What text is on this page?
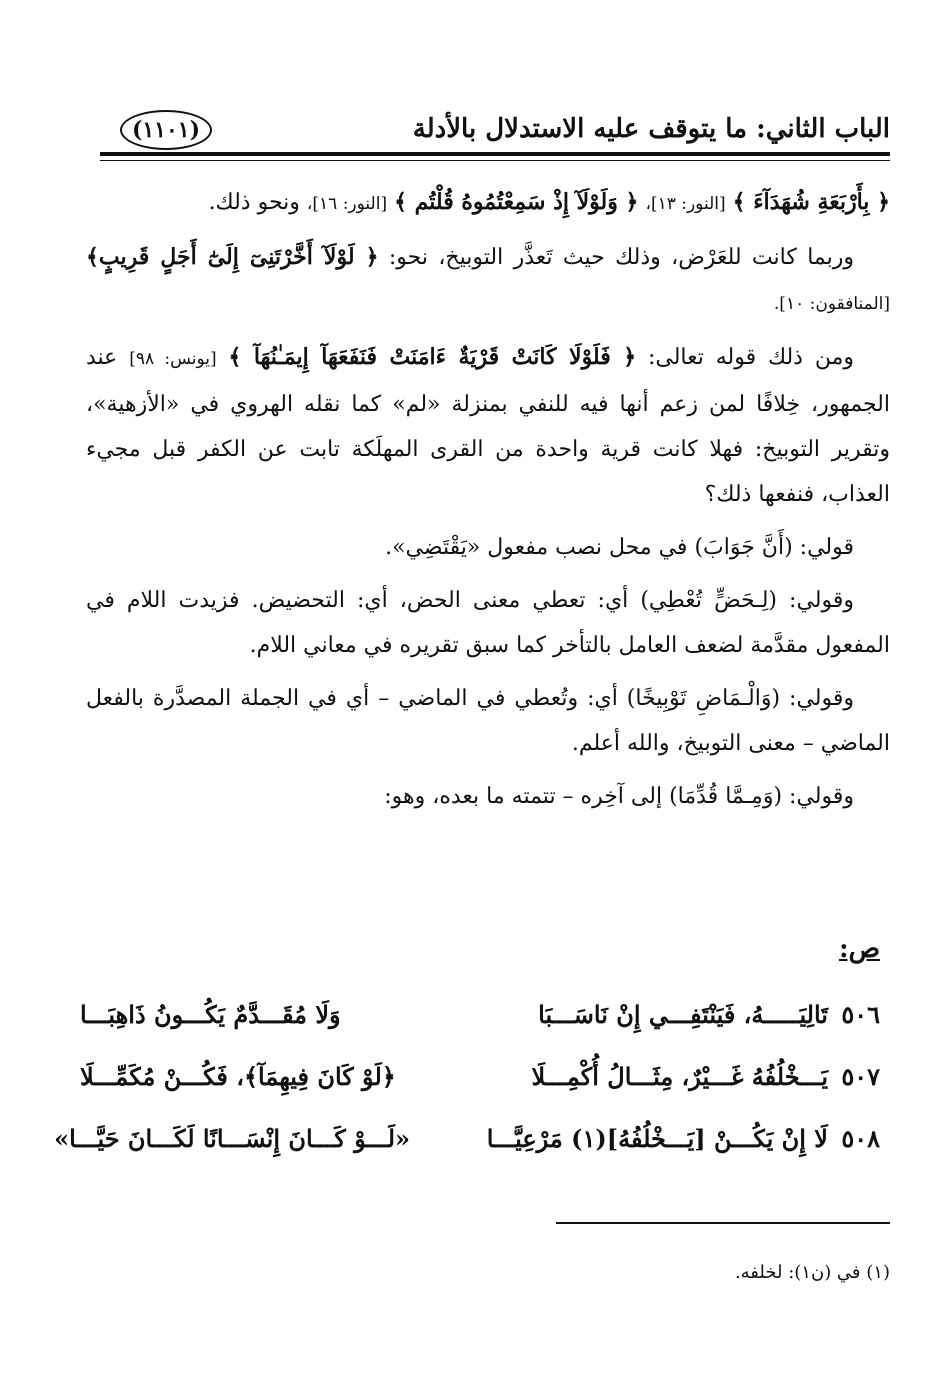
الباب الثاني: ما يتوقف عليه الاستدلال بالأدلة
(١١٠١)

﴿ بِأَرْبَعَةِ شُهَدَآءَ ﴾ [النور: ١٣]، ﴿ وَلَوْلَآ إِذْ سَمِعْتُمُوهُ قُلْتُم ﴾ [النور: ١٦]، ونحو ذلك.

وربما كانت للعَرْض، وذلك حيث تَعذَّر التوبيخ، نحو: ﴿ لَوْلَآ أَخَّرْتَنِىٓ إِلَىٰٓ أَجَلٍ قَرِيبٍ﴾ [المنافقون: ١٠].

ومن ذلك قوله تعالى: ﴿ فَلَوْلَا كَانَتْ قَرْيَةٌ ءَامَنَتْ فَنَفَعَهَآ إِيمَـٰنُهَآ ﴾ [يونس: ٩٨] عند الجمهور، خِلافًا لمن زعم أنها فيه للنفي بمنزلة «لم» كما نقله الهروي في «الأزهية»، وتقرير التوبيخ: فهلا كانت قرية واحدة من القرى المهلَكة تابت عن الكفر قبل مجيء العذاب، فنفعها ذلك؟

قولي: (أَنَّ جَوَابَ) في محل نصب مفعول «يَقْتَضِي».

وقولي: (لِـحَضٍّ تُعْطِي) أي: تعطي معنى الحض، أي: التحضيض. فزيدت اللام في المفعول مقدَّمة لضعف العامل بالتأخر كما سبق تقريره في معاني اللام.

وقولي: (وَالْـمَاضِ تَوْبِيخًا) أي: وتُعطي في الماضي – أي في الجملة المصدَّرة بالفعل الماضي – معنى التوبيخ، والله أعلم.

وقولي: (وَمِـمَّا قُدِّمَا) إلى آخِره – تتمته ما بعده، وهو:

ص:
٥٠٦
تَالِيَـــــهُ، فَيَنْتَفِـــي إِنْ نَاسَـــبَا
وَلَا مُقَـــدَّمٌ يَكُـــونُ ذَاهِبَـــا
٥٠٧
يَـــخْلُفُهُ غَـــيْرٌ، مِثَـــالُ أُكْمِـــلَا
﴿لَوْ كَانَ فِيهِمَآ﴾، فَكُـــنْ مُكَمِّـــلَا
٥٠٨
لَا إِنْ يَكُـــنْ [يَـــخْلُفُهُ](١) مَرْعِيَّـــا
«لَـــوْ كَـــانَ إِنْسَـــانًا لَكَـــانَ حَيَّـــا»
(١) في (ن١): لخلفه.
